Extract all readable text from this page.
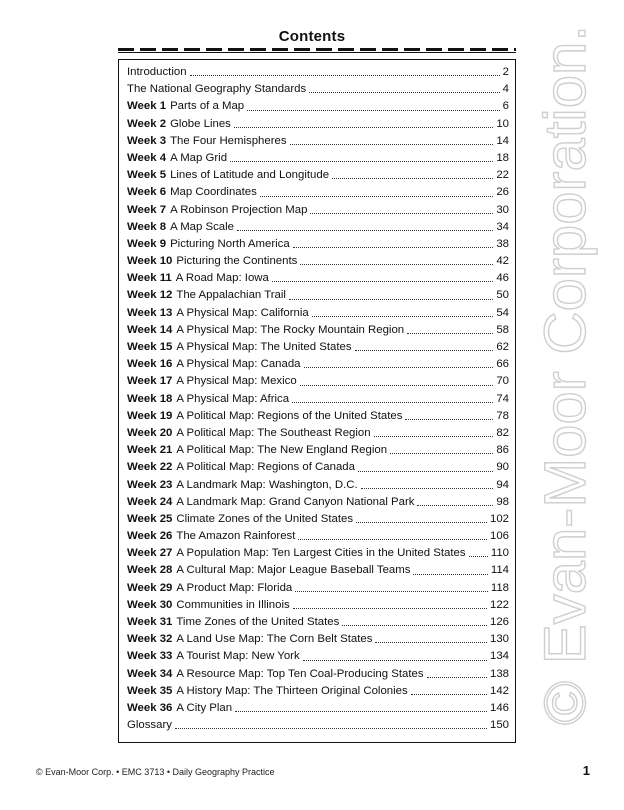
Contents
Introduction	2
The National Geography Standards	4
Week 1 Parts of a Map	6
Week 2 Globe Lines	10
Week 3 The Four Hemispheres	14
Week 4 A Map Grid	18
Week 5 Lines of Latitude and Longitude	22
Week 6 Map Coordinates	26
Week 7 A Robinson Projection Map	30
Week 8 A Map Scale	34
Week 9 Picturing North America	38
Week 10 Picturing the Continents	42
Week 11 A Road Map: Iowa	46
Week 12 The Appalachian Trail	50
Week 13 A Physical Map: California	54
Week 14 A Physical Map: The Rocky Mountain Region	58
Week 15 A Physical Map: The United States	62
Week 16 A Physical Map: Canada	66
Week 17 A Physical Map: Mexico	70
Week 18 A Physical Map: Africa	74
Week 19 A Political Map: Regions of the United States	78
Week 20 A Political Map: The Southeast Region	82
Week 21 A Political Map: The New England Region	86
Week 22 A Political Map: Regions of Canada	90
Week 23 A Landmark Map: Washington, D.C.	94
Week 24 A Landmark Map: Grand Canyon National Park	98
Week 25 Climate Zones of the United States	102
Week 26 The Amazon Rainforest	106
Week 27 A Population Map: Ten Largest Cities in the United States 110
Week 28 A Cultural Map: Major League Baseball Teams	114
Week 29 A Product Map: Florida	118
Week 30 Communities in Illinois	122
Week 31 Time Zones of the United States	126
Week 32 A Land Use Map: The Corn Belt States	130
Week 33 A Tourist Map: New York	134
Week 34 A Resource Map: Top Ten Coal-Producing States	138
Week 35 A History Map: The Thirteen Original Colonies	142
Week 36 A City Plan	146
Glossary	150
© Evan-Moor Corporation.
© Evan-Moor Corp. • EMC 3713 • Daily Geography Practice	1
